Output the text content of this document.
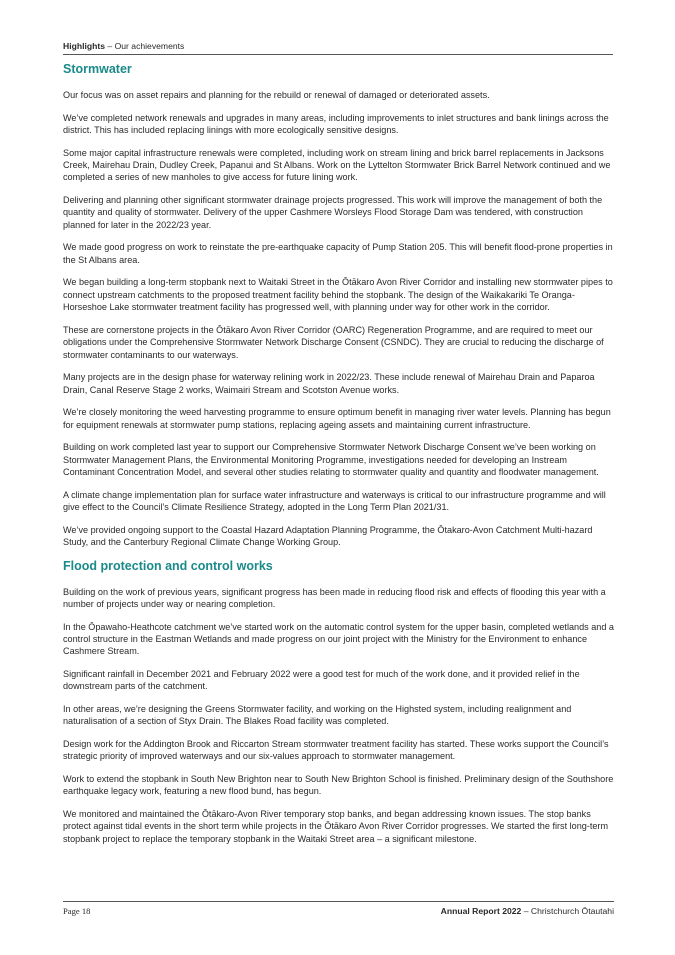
Highlights – Our achievements
Stormwater

Our focus was on asset repairs and planning for the rebuild or renewal of damaged or deteriorated assets.

We’ve completed network renewals and upgrades in many areas, including improvements to inlet structures and bank linings across the district. This has included replacing linings with more ecologically sensitive designs.

Some major capital infrastructure renewals were completed, including work on stream lining and brick barrel replacements in Jacksons Creek, Mairehau Drain, Dudley Creek, Papanui and St Albans. Work on the Lyttelton Stormwater Brick Barrel Network continued and we completed a series of new manholes to give access for future lining work.

Delivering and planning other significant stormwater drainage projects progressed. This work will improve the management of both the quantity and quality of stormwater. Delivery of the upper Cashmere Worsleys Flood Storage Dam was tendered, with construction planned for later in the 2022/23 year.

We made good progress on work to reinstate the pre-earthquake capacity of Pump Station 205. This will benefit flood-prone properties in the St Albans area.

We began building a long-term stopbank next to Waitaki Street in the Ōtākaro Avon River Corridor and installing new stormwater pipes to connect upstream catchments to the proposed treatment facility behind the stopbank. The design of the Waikakariki Te Oranga-Horseshoe Lake stormwater treatment facility has progressed well, with planning under way for other work in the corridor.

These are cornerstone projects in the Ōtākaro Avon River Corridor (OARC) Regeneration Programme, and are required to meet our obligations under the Comprehensive Stormwater Network Discharge Consent (CSNDC). They are crucial to reducing the discharge of stormwater contaminants to our waterways.

Many projects are in the design phase for waterway relining work in 2022/23. These include renewal of Mairehau Drain and Paparoa Drain, Canal Reserve Stage 2 works, Waimairi Stream and Scotston Avenue works.

We’re closely monitoring the weed harvesting programme to ensure optimum benefit in managing river water levels. Planning has begun for equipment renewals at stormwater pump stations, replacing ageing assets and maintaining current infrastructure.

Building on work completed last year to support our Comprehensive Stormwater Network Discharge Consent we’ve been working on Stormwater Management Plans, the Environmental Monitoring Programme, investigations needed for developing an Instream Contaminant Concentration Model, and several other studies relating to stormwater quality and quantity and floodwater management.

A climate change implementation plan for surface water infrastructure and waterways is critical to our infrastructure programme and will give effect to the Council’s Climate Resilience Strategy, adopted in the Long Term Plan 2021/31.

We’ve provided ongoing support to the Coastal Hazard Adaptation Planning Programme, the Ōtakaro-Avon Catchment Multi-hazard Study, and the Canterbury Regional Climate Change Working Group.

Flood protection and control works

Building on the work of previous years, significant progress has been made in reducing flood risk and effects of flooding this year with a number of projects under way or nearing completion.

In the Ōpawaho-Heathcote catchment we’ve started work on the automatic control system for the upper basin, completed wetlands and a control structure in the Eastman Wetlands and made progress on our joint project with the Ministry for the Environment to enhance Cashmere Stream.

Significant rainfall in December 2021 and February 2022 were a good test for much of the work done, and it provided relief in the downstream parts of the catchment.

In other areas, we’re designing the Greens Stormwater facility, and working on the Highsted system, including realignment and naturalisation of a section of Styx Drain. The Blakes Road facility was completed.

Design work for the Addington Brook and Riccarton Stream stormwater treatment facility has started. These works support the Council’s strategic priority of improved waterways and our six-values approach to stormwater management.

Work to extend the stopbank in South New Brighton near to South New Brighton School is finished. Preliminary design of the Southshore earthquake legacy work, featuring a new flood bund, has begun.

We monitored and maintained the Ōtākaro-Avon River temporary stop banks, and began addressing known issues. The stop banks protect against tidal events in the short term while projects in the Ōtākaro Avon River Corridor progresses. We started the first long-term stopbank project to replace the temporary stopbank in the Waitaki Street area – a significant milestone.

Page 18	Annual Report 2022 – Christchurch Ōtautahi
